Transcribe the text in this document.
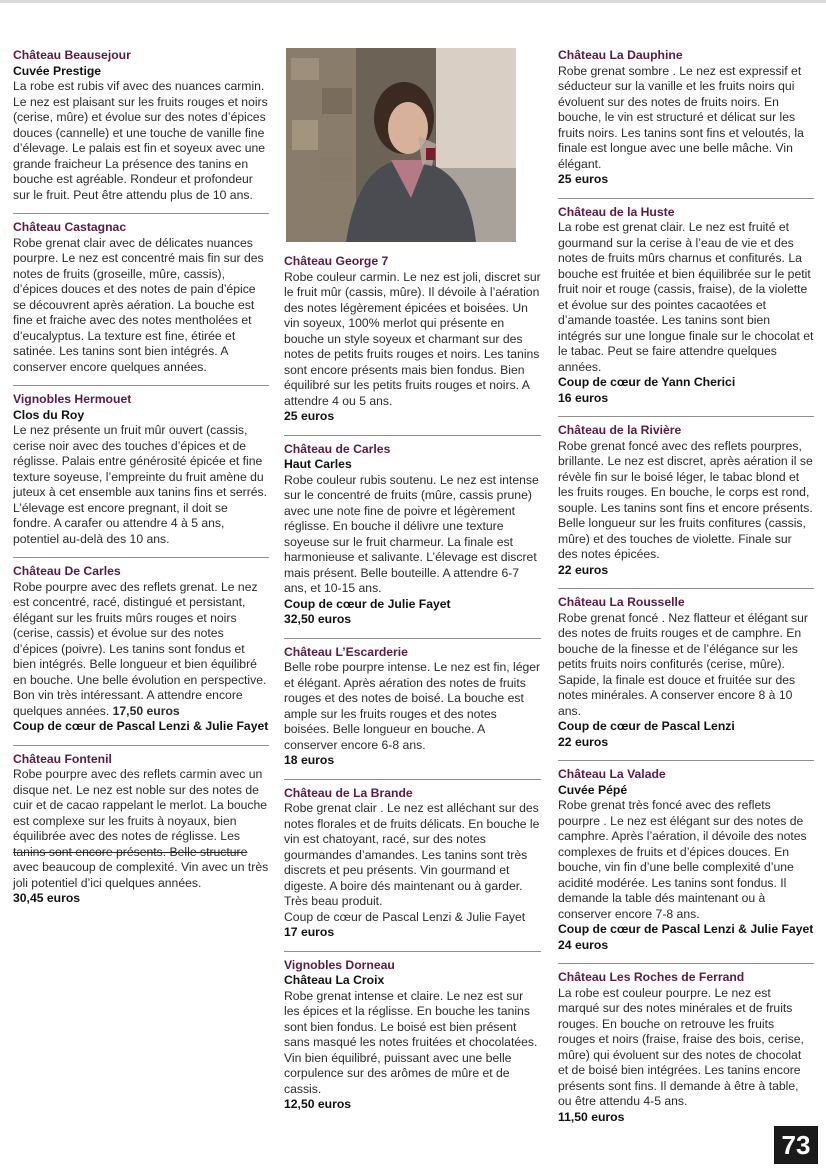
Château Beausejour
Cuvée Prestige
La robe est rubis vif avec des nuances carmin. Le nez est plaisant sur les fruits rouges et noirs (cerise, mûre) et évolue sur des notes d’épices douces (cannelle) et une touche de vanille fine d’élevage. Le palais est fin et soyeux avec une grande fraicheur La présence des tanins en bouche est agréable. Rondeur et profondeur sur le fruit. Peut être attendu plus de 10 ans.
Château Castagnac
Robe grenat clair avec de délicates nuances pourpre. Le nez est concentré mais fin sur des notes de fruits (groseille, mûre, cassis), d’épices douces et des notes de pain d’épice se découvrent après aération. La bouche est fine et fraiche avec des notes mentholées et d’eucalyptus. La texture est fine, étirée et satinée. Les tanins sont bien intégrés. A conserver encore quelques années.
Vignobles Hermouet
Clos du Roy
Le nez présente un fruit mûr ouvert (cassis, cerise noir avec des touches d’épices et de réglisse. Palais entre générosité épicée et fine texture soyeuse, l’empreinte du fruit amène du juteux à cet ensemble aux tanins fins et serrés. L’élevage est encore pregnant, il doit se fondre. A carafer ou attendre 4 à 5 ans, potentiel au-delà des 10 ans.
Château De Carles
Robe pourpre avec des reflets grenat. Le nez est concentré, racé, distingué et persistant, élégant sur les fruits mûrs rouges et noirs (cerise, cassis) et évolue sur des notes d’épices (poivre). Les tanins sont fondus et bien intégrés. Belle longueur et bien équilibré en bouche. Une belle évolution en perspective. Bon vin très intéressant. A attendre encore quelques années. 17,50 euros
Coup de cœur de Pascal Lenzi & Julie Fayet
Château Fontenil
Robe pourpre avec des reflets carmin avec un disque net. Le nez est noble sur des notes de cuir et de cacao rappelant le merlot. La bouche est complexe sur les fruits à noyaux, bien équilibrée avec des notes de réglisse. Les tanins sont encore présents. Belle structure avec beaucoup de complexité. Vin avec un très joli potentiel d’ici quelques années.
30,45 euros
Château George 7
Robe couleur carmin. Le nez est joli, discret sur le fruit mûr (cassis, mûre). Il dévoile à l’aération des notes légèrement épicées et boisées. Un vin soyeux, 100% merlot qui présente en bouche un style soyeux et charmant sur des notes de petits fruits rouges et noirs. Les tanins sont encore présents mais bien fondus. Bien équilibré sur les petits fruits rouges et noirs. A attendre 4 ou 5 ans.
25 euros
Château de Carles
Haut Carles
Robe couleur rubis soutenu. Le nez est intense sur le concentré de fruits (mûre, cassis prune) avec une note fine de poivre et légèrement réglisse. En bouche il délivre une texture soyeuse sur le fruit charmeur. La finale est harmonieuse et salivante. L’élevage est discret mais présent. Belle bouteille. A attendre 6-7 ans, et 10-15 ans.
Coup de cœur de Julie Fayet
32,50 euros
Château L’Escarderie
Belle robe pourpre intense. Le nez est fin, léger et élégant. Après aération des notes de fruits rouges et des notes de boisé. La bouche est ample sur les fruits rouges et des notes boisées. Belle longueur en bouche. A conserver encore 6-8 ans.
18 euros
Château de La Brande
Robe grenat clair . Le nez est alléchant sur des notes florales et de fruits délicats. En bouche le vin est chatoyant, racé, sur des notes gourmandes d’amandes. Les tanins sont très discrets et peu présents. Vin gourmand et digeste. A boire dés maintenant ou à garder. Très beau produit.
Coup de cœur de Pascal Lenzi & Julie Fayet
17 euros
Vignobles Dorneau
Château La Croix
Robe grenat intense et claire. Le nez est sur les épices et la réglisse. En bouche les tanins sont bien fondus. Le boisé est bien présent sans masqué les notes fruitées et chocolatées. Vin bien équilibré, puissant avec une belle corpulence sur des arômes de mûre et de cassis.
12,50 euros
Château La Dauphine
Robe grenat sombre . Le nez est expressif et séducteur sur la vanille et les fruits noirs qui évoluent sur des notes de fruits noirs. En bouche, le vin est structuré et délicat sur les fruits noirs. Les tanins sont fins et veloutés, la finale est longue avec une belle mâche. Vin élégant.
25 euros
Château de la Huste
La robe est grenat clair. Le nez est fruité et gourmand sur la cerise à l’eau de vie et des notes de fruits mûrs charnus et confiturés. La bouche est fruitée et bien équilibrée sur le petit fruit noir et rouge (cassis, fraise), de la violette et évolue sur des pointes cacaotées et d’amande toastée. Les tanins sont bien intégrés sur une longue finale sur le chocolat et le tabac. Peut se faire attendre quelques années.
Coup de cœur de Yann Cherici
16 euros
Château de la Rivière
Robe grenat foncé avec des reflets pourpres, brillante. Le nez est discret, après aération il se révèle fin sur le boisé léger, le tabac blond et les fruits rouges. En bouche, le corps est rond, souple. Les tanins sont fins et encore présents. Belle longueur sur les fruits confitures (cassis, mûre) et des touches de violette. Finale sur des notes épicées.
22 euros
Château La Rousselle
Robe grenat foncé . Nez flatteur et élégant sur des notes de fruits rouges et de camphre. En bouche de la finesse et de l’élégance sur les petits fruits noirs confiturés (cerise, mûre). Sapide, la finale est douce et fruitée sur des notes minérales. A conserver encore 8 à 10 ans.
Coup de cœur de Pascal Lenzi
22 euros
Château La Valade
Cuvée Pépé
Robe grenat très foncé avec des reflets pourpre . Le nez est élégant sur des notes de camphre. Après l’aération, il dévoile des notes complexes de fruits et d’épices douces. En bouche, vin fin d’une belle complexité d’une acidité modérée. Les tanins sont fondus. Il demande la table dés maintenant ou à conserver encore 7-8 ans.
Coup de cœur de Pascal Lenzi & Julie Fayet
24 euros
Château Les Roches de Ferrand
La robe est couleur pourpre. Le nez est marqué sur des notes minérales et de fruits rouges. En bouche on retrouve les fruits rouges et noirs (fraise, fraise des bois, cerise, mûre) qui évoluent sur des notes de chocolat et de boisé bien intégrées. Les tanins encore présents sont fins. Il demande à être à table, ou être attendu 4-5 ans.
11,50 euros
73
